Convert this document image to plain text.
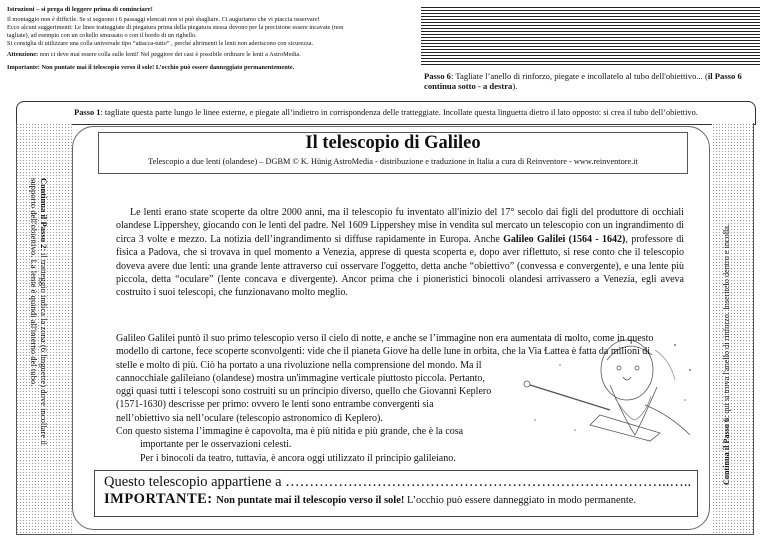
Istruzioni – si prega di leggere prima di cominciare!

Il montaggio non è difficile. Se si seguono i 6 passaggi elencati non si può sbagliare. Ci auguriamo che vi piaccia osservare!

Ecco alcuni suggerimenti: Le linee tratteggiate di piegatura prima della piegatura stessa devono per la precisione essere incavate (non

tagliate), ad esempio con un coltello smussato o con il bordo di un righello.

Si consiglia di utilizzare una colla universale tipo “attacca-tutto” , perché altrimenti le lenti non aderiscono con sicurezza.

Attenzione: non ci deve mai essere colla sulle lenti! Nel peggiore dei casi è possibile ordinare le lenti a AstroMedia.

Importante: Non puntate mai il telescopio verso il sole! L’occhio può essere danneggiato permanentemente.

Passo 6: Tagliate l’anello di rinforzo, piegate e incollatelo al tubo dell'obiettivo... (il Passo 6 continua sotto - a destra).
Passo 1: tagliate questa parte lungo le linee esterne, e piegate all’indietro in corrispondenza delle tratteggiate. Incollate questa linguetta dietro il lato opposto: si crea il tubo dell’obiettivo.
Continua il Passo 2: il tratteggio indica la zona (6 linguette) dove incollare il
supporto dell'obiettivo. La lente è quindi all'interno del tubo.
Continua il Passo 6: qui si trova l'anello di rinforzo. Inseritelo dentro e incolla.
Il telescopio di Galileo
Telescopio a due lenti (olandese) – DGBM © K. Hünig AstroMedia - distribuzione e traduzione in Italia a cura di Reinventore - www.reinventore.it
Le lenti erano state scoperte da oltre 2000 anni, ma il telescopio fu inventato all'inizio del 17° secolo dai figli del produttore di occhiali olandese Lippershey, giocando con le lenti del padre. Nel 1609 Lippershey mise in vendita sul mercato un telescopio con un ingrandimento di circa 3 volte e mezzo. La notizia dell’ingrandimento si diffuse rapidamente in Europa. Anche Galileo Galilei (1564 - 1642), professore di fisica a Padova, che si trovava in quel momento a Venezia, apprese di questa scoperta e, dopo aver riflettuto, si rese conto che il telescopio doveva avere due lenti: una grande lente attraverso cui osservare l'oggetto, detta anche “obiettivo” (convessa e convergente), e una lente più piccola, detta “oculare” (lente concava e divergente). Ancor prima che i pioneristici binocoli olandesi arrivassero a Venezia, egli aveva costruito i suoi telescopi, che funzionavano molto meglio.
Galileo Galilei puntò il suo primo telescopio verso il cielo di notte, e anche se l’immagine non era aumentata di molto, come in questo
modello di cartone, fece scoperte sconvolgenti: vide che il pianeta Giove ha delle lune in orbita, che la Via Lattea è fatta da milioni di
stelle e molto di più. Ciò ha portato a una rivoluzione nella comprensione del mondo. Ma il
cannocchiale galileiano (olandese) mostra un'immagine verticale piuttosto piccola. Pertanto,
oggi quasi tutti i telescopi sono costruiti su un principio diverso, quello che Giovanni Keplero
(1571-1630) descrisse per primo: ovvero le lenti sono entrambe convergenti sia
nell’obiettivo sia nell’oculare (telescopio astronomico di Keplero).
Con questo sistema l’immagine è capovolta, ma è più nitida e più grande, che è la cosa
importante per le osservazioni celesti.
Per i binocoli da teatro, tuttavia, è ancora oggi utilizzato il principio galileiano.
Questo telescopio appartiene a ……………………………………………………………………..…..
IMPORTANTE: Non puntate mai il telescopio verso il sole! L’occhio può essere danneggiato in modo permanente.
